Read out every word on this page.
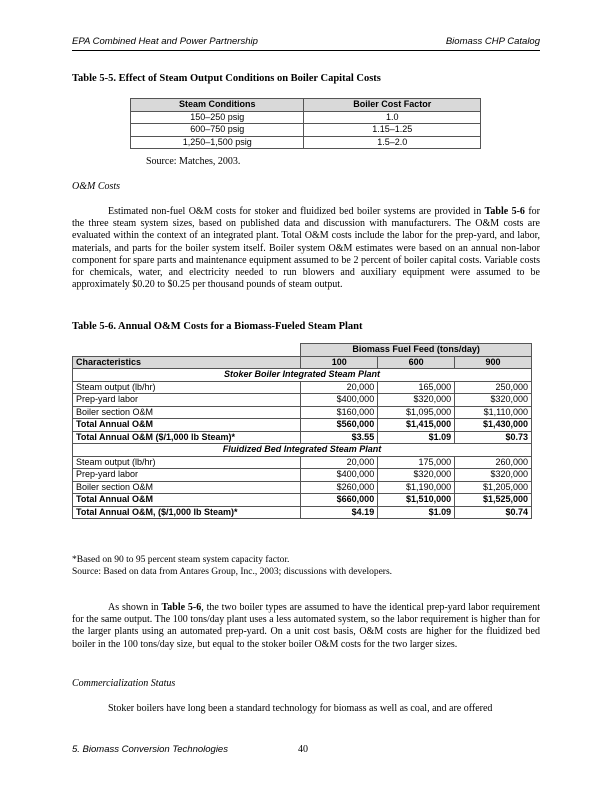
EPA Combined Heat and Power Partnership	Biomass CHP Catalog
Table 5-5. Effect of Steam Output Conditions on Boiler Capital Costs
Steam Conditions	Boiler Cost Factor
150–250 psig	1.0
600–750 psig	1.15–1.25
1,250–1,500 psig	1.5–2.0
Source: Matches, 2003.
O&M Costs

Estimated non-fuel O&M costs for stoker and fluidized bed boiler systems are provided in Table 5-6 for the three steam system sizes, based on published data and discussion with manufacturers. The O&M costs are evaluated within the context of an integrated plant. Total O&M costs include the labor for the prep-yard, and labor, materials, and parts for the boiler system itself. Boiler system O&M estimates were based on an annual non-labor component for spare parts and maintenance equipment assumed to be 2 percent of boiler capital costs. Variable costs for chemicals, water, and electricity needed to run blowers and auxiliary equipment were assumed to be approximately $0.20 to $0.25 per thousand pounds of steam output.

Table 5-6. Annual O&M Costs for a Biomass-Fueled Steam Plant
	Biomass Fuel Feed (tons/day)		
Characteristics	100	600	900
Stoker Boiler Integrated Steam Plant			
Steam output (lb/hr)	20,000	165,000	250,000
Prep-yard labor	$400,000	$320,000	$320,000
Boiler section O&M	$160,000	$1,095,000	$1,110,000
Total Annual O&M	$560,000	$1,415,000	$1,430,000
Total Annual O&M ($/1,000 lb Steam)*	$3.55	$1.09	$0.73
Fluidized Bed Integrated Steam Plant			
Steam output (lb/hr)	20,000	175,000	260,000
Prep-yard labor	$400,000	$320,000	$320,000
Boiler section O&M	$260,000	$1,190,000	$1,205,000
Total Annual O&M	$660,000	$1,510,000	$1,525,000
Total Annual O&M, ($/1,000 lb Steam)*	$4.19	$1.09	$0.74
*Based on 90 to 95 percent steam system capacity factor.
Source: Based on data from Antares Group, Inc., 2003; discussions with developers.

As shown in Table 5-6, the two boiler types are assumed to have the identical prep-yard labor requirement for the same output. The 100 tons/day plant uses a less automated system, so the labor requirement is higher than for the larger plants using an automated prep-yard. On a unit cost basis, O&M costs are higher for the fluidized bed boiler in the 100 tons/day size, but equal to the stoker boiler O&M costs for the two larger sizes.

Commercialization Status

Stoker boilers have long been a standard technology for biomass as well as coal, and are offered

5. Biomass Conversion Technologies	40
